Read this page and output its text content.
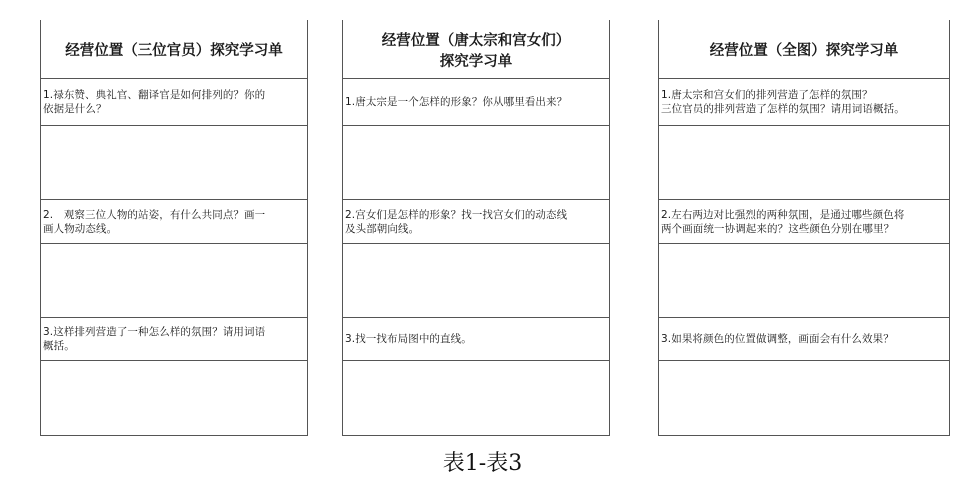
经营位置（三位官员）探究学习单
1.禄东赞、典礼官、翻译官是如何排列的？你的
依据是什么？
2.　观察三位人物的站姿，有什么共同点？画一
画人物动态线。
3.这样排列营造了一种怎么样的氛围？请用词语
概括。
经营位置（唐太宗和宫女们）
探究学习单
1.唐太宗是一个怎样的形象？你从哪里看出来？
2.宫女们是怎样的形象？找一找宫女们的动态线
及头部朝向线。
3.找一找布局图中的直线。
经营位置（全图）探究学习单
1.唐太宗和宫女们的排列营造了怎样的氛围？
三位官员的排列营造了怎样的氛围？请用词语概括。
2.左右两边对比强烈的两种氛围，是通过哪些颜色将
两个画面统一协调起来的？这些颜色分别在哪里？
3.如果将颜色的位置做调整，画面会有什么效果？
表1-表3
